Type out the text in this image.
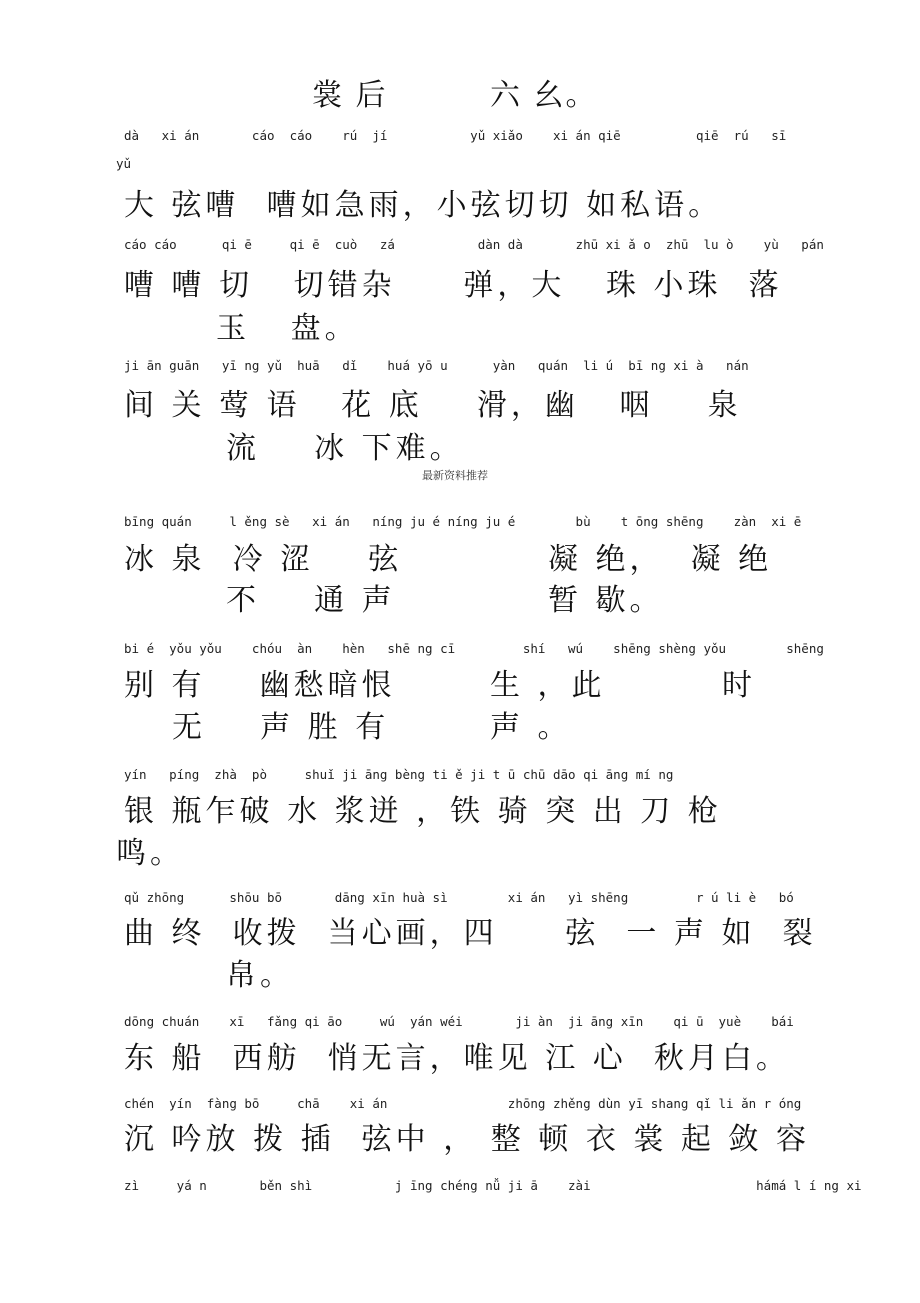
裳 后	六 幺。
dà   xi án       cáo  cáo    rú  jí           yǔ xiǎo    xi án qiē          qiē  rú   sī
yǔ
大 弦嘈  嘈如急雨，小弦切切 如私语。
cáo cáo      qi ē     qi ē  cuò   zá           dàn dà       zhū xi ǎ o  zhū  lu ò    yù   pán
嘈 嘈 切   切错杂     弹，大   珠 小珠  落
玉   盘。
ji ān guān   yī ng yǔ  huā   dǐ    huá yō u      yàn   quán  li ú  bī ng xi à   nán
间 关 莺 语   花 底    滑，幽   咽    泉
流    冰 下难。
最新资料推荐
bīng quán     l ěng sè   xi án   níng ju é níng ju é        bù    t ōng shēng    zàn  xi ē
冰 泉  冷 涩    弦	凝 绝，  凝 绝
不    通 声	暂 歇。
bi é  yǒu yǒu    chóu  àn    hèn   shē ng cī         shí   wú    shēng shèng yǒu        shēng
别 有    幽愁暗恨	生 ，此	时
无    声 胜 有	声 。
yín   píng  zhà  pò     shuǐ ji āng bèng ti ě ji t ū chū dāo qi āng mí ng
银 瓶乍破 水 浆迸 ，铁 骑 突 出 刀 枪
鸣。
qǔ zhōng      shōu bō       dāng xīn huà sì        xi án   yì shēng         r ú li è   bó
曲 终  收拨  当心画，四     弦  一 声 如  裂
帛。
dōng chuán    xī   fǎng qi āo     wú  yán wéi       ji àn  ji āng xīn    qi ū  yuè    bái
东 船  西舫  悄无言，唯见 江 心  秋月白。
chén  yín  fàng bō     chā    xi án                zhōng zhěng dùn yī shang qǐ li ǎn r óng
沉 吟放 拨 插  弦中 ， 整 顿 衣 裳 起 敛 容
zì     yá n       běn shì           j īng chéng nǚ ji ā    zài                      hámá l í ng xi
